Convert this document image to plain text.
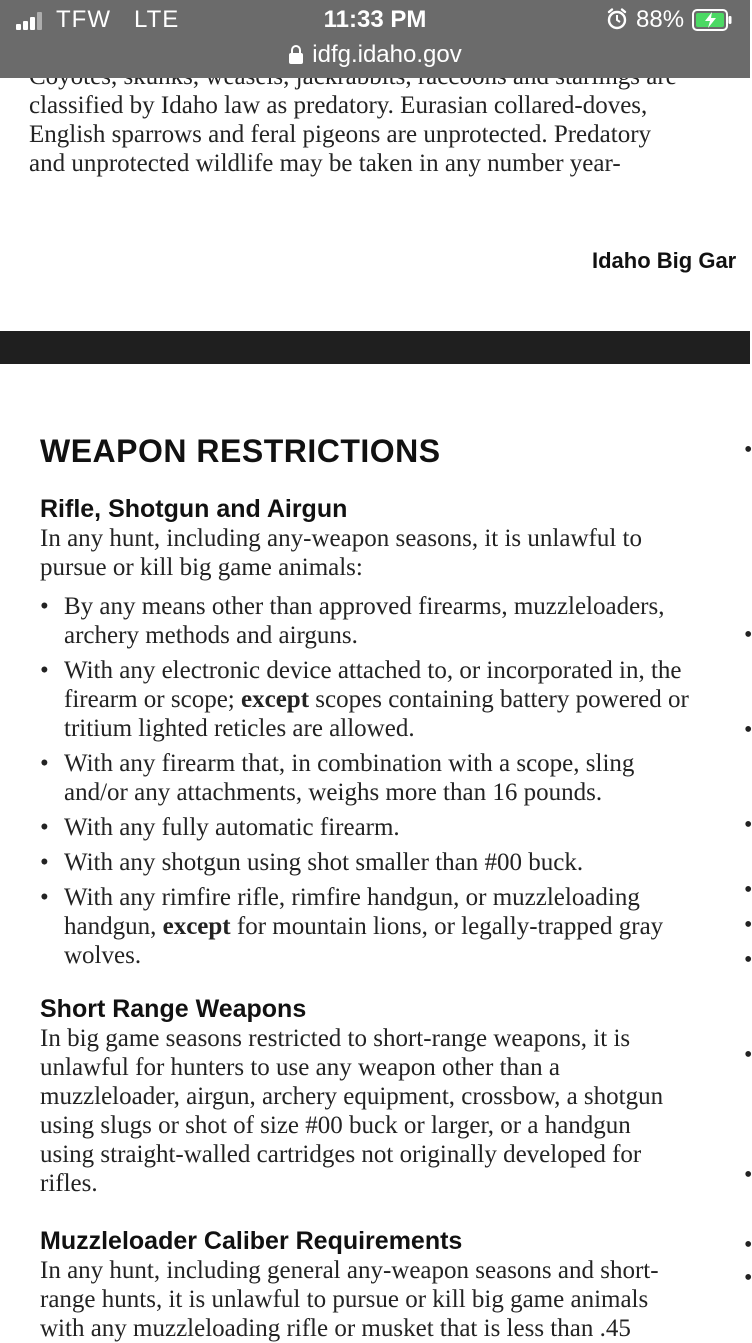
TFW LTE	11:33 PM	88%
idfg.idaho.gov

classified by Idaho law as predatory. Eurasian collared-doves,

English sparrows and feral pigeons are unprotected. Predatory

and unprotected wildlife may be taken in any number year-

Idaho Big Gar
WEAPON RESTRICTIONS
Rifle, Shotgun and Airgun

In any hunt, including any-weapon seasons, it is unlawful to pursue or kill big game animals:

• By any means other than approved firearms, muzzleloaders, archery methods and airguns.
• With any electronic device attached to, or incorporated in, the firearm or scope; except scopes containing battery powered or tritium lighted reticles are allowed.
• With any firearm that, in combination with a scope, sling and/or any attachments, weighs more than 16 pounds.
• With any fully automatic firearm.
• With any shotgun using shot smaller than #00 buck.
• With any rimfire rifle, rimfire handgun, or muzzleloading handgun, except for mountain lions, or legally-trapped gray wolves.
Short Range Weapons

In big game seasons restricted to short-range weapons, it is unlawful for hunters to use any weapon other than a muzzleloader, airgun, archery equipment, crossbow, a shotgun using slugs or shot of size #00 buck or larger, or a handgun using straight-walled cartridges not originally developed for rifles.

Muzzleloader Caliber Requirements

In any hunt, including general any-weapon seasons and short-range hunts, it is unlawful to pursue or kill big game animals with any muzzleloading rifle or musket that is less than .45

•
•
•
•
•
•
•
•
•
•
•
